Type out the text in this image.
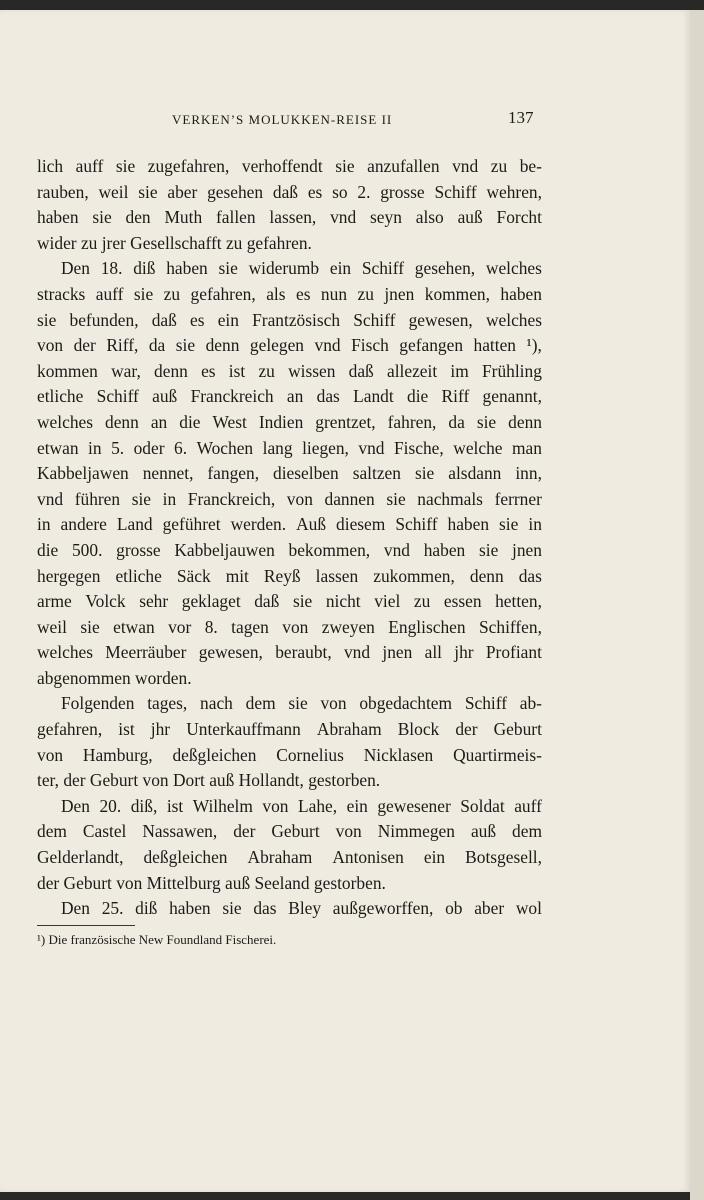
VERKEN’S MOLUKKEN-REISE II	137
lich auff sie zugefahren, verhoffendt sie anzufallen vnd zu be-
rauben, weil sie aber gesehen daß es so 2. grosse Schiff wehren,
haben sie den Muth fallen lassen, vnd seyn also auß Forcht
wider zu jrer Gesellschafft zu gefahren.
Den 18. diß haben sie widerumb ein Schiff gesehen, welches
stracks auff sie zu gefahren, als es nun zu jnen kommen, haben
sie befunden, daß es ein Frantzösisch Schiff gewesen, welches
von der Riff, da sie denn gelegen vnd Fisch gefangen hatten ¹),
kommen war, denn es ist zu wissen daß allezeit im Frühling
etliche Schiff auß Franckreich an das Landt die Riff genannt,
welches denn an die West Indien grentzet, fahren, da sie denn
etwan in 5. oder 6. Wochen lang liegen, vnd Fische, welche man
Kabbeljawen nennet, fangen, dieselben saltzen sie alsdann inn,
vnd führen sie in Franckreich, von dannen sie nachmals ferrner
in andere Land geführet werden. Auß diesem Schiff haben sie in
die 500. grosse Kabbeljauwen bekommen, vnd haben sie jnen
hergegen etliche Säck mit Reyß lassen zukommen, denn das
arme Volck sehr geklaget daß sie nicht viel zu essen hetten,
weil sie etwan vor 8. tagen von zweyen Englischen Schiffen,
welches Meerräuber gewesen, beraubt, vnd jnen all jhr Profiant
abgenommen worden.
Folgenden tages, nach dem sie von obgedachtem Schiff ab-
gefahren, ist jhr Unterkauffmann Abraham Block der Geburt
von Hamburg, deßgleichen Cornelius Nicklasen Quartirmeis-
ter, der Geburt von Dort auß Hollandt, gestorben.
Den 20. diß, ist Wilhelm von Lahe, ein gewesener Soldat auff
dem Castel Nassawen, der Geburt von Nimmegen auß dem
Gelderlandt, deßgleichen Abraham Antonisen ein Botsgesell,
der Geburt von Mittelburg auß Seeland gestorben.
Den 25. diß haben sie das Bley außgeworffen, ob aber wol
¹) Die französische New Foundland Fischerei.
